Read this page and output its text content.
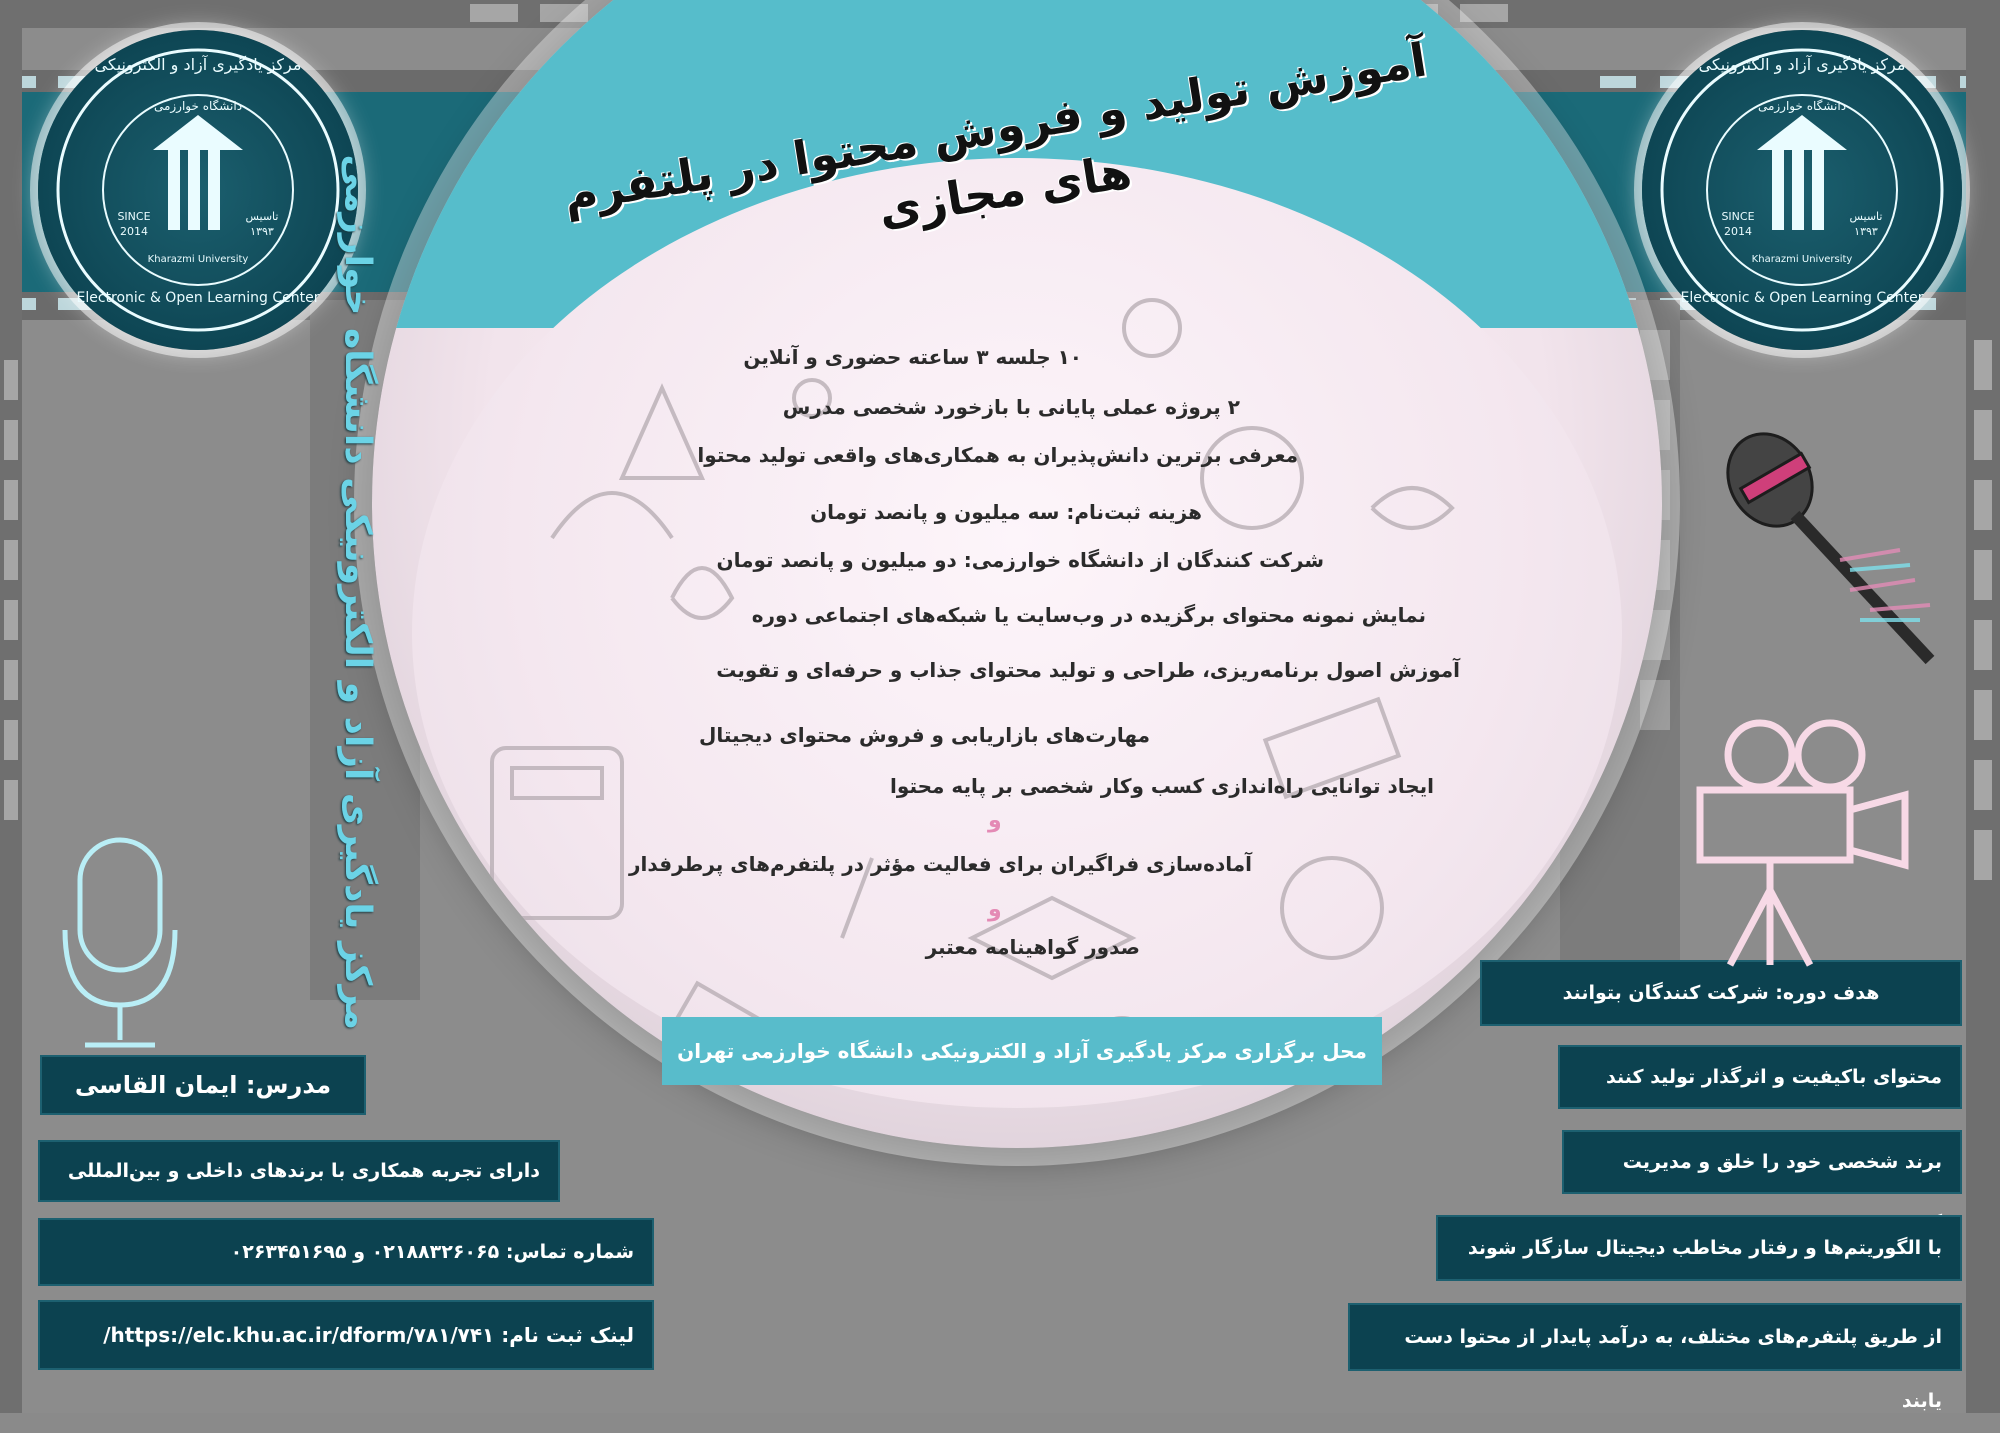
آموزش تولید و فروش محتوا در پلتفرم های مجازی
مرکز یادگیری آزاد و الکترونیکی
دانشگاه خوارزمی
SINCE
2014
تاسیس
۱۳۹۳
Kharazmi University
Electronic & Open Learning Center
مرکز یادگیری آزاد و الکترونیکی
دانشگاه خوارزمی
SINCE
2014
تاسیس
۱۳۹۳
Kharazmi University
Electronic & Open Learning Center
مرکز یادگیری آزاد و الکترونیکی دانشگاه خوارزمی	۱۰ جلسه ۳ ساعته حضوری و آنلاین
۲ پروژه عملی پایانی با بازخورد شخصی مدرس
معرفی برترین دانش‌پذیران به همکاری‌های واقعی تولید محتوا
هزینه ثبت‌نام: سه میلیون و پانصد تومان
شرکت کنندگان از دانشگاه خوارزمی: دو میلیون و پانصد تومان
نمایش نمونه محتوای برگزیده در وب‌سایت یا شبکه‌های اجتماعی دوره
آموزش اصول برنامه‌ریزی، طراحی و تولید محتوای جذاب و حرفه‌ای و تقویت
مهارت‌های بازاریابی و فروش محتوای دیجیتال
ایجاد توانایی راه‌اندازی کسب ‌و‌کار شخصی بر پایه محتوا
و
آماده‌سازی فراگیران برای فعالیت مؤثر در پلتفرم‌های پرطرفدار
و
صدور گواهینامه معتبر
محل برگزاری مرکز یادگیری آزاد و الکترونیکی دانشگاه خوارزمی تهران
مدرس: ایمان القاسی
دارای تجربه همکاری با برندهای داخلی و بین‌المللی
شماره تماس: ۰۲۱۸۸۳۲۶۰۶۵ و ۰۲۶۳۴۵۱۶۹۵
لینک ثبت نام: https://elc.khu.ac.ir/dform/۷۸۱/۷۴۱/
هدف دوره: شرکت کنندگان بتوانند
محتوای باکیفیت و اثرگذار تولید کنند
برند شخصی خود را خلق و مدیریت
با الگوریتم‌ها و رفتار مخاطب دیجیتال سازگار شوند
از طریق پلتفرم‌های مختلف، به درآمد پایدار از محتوا دست یابند
